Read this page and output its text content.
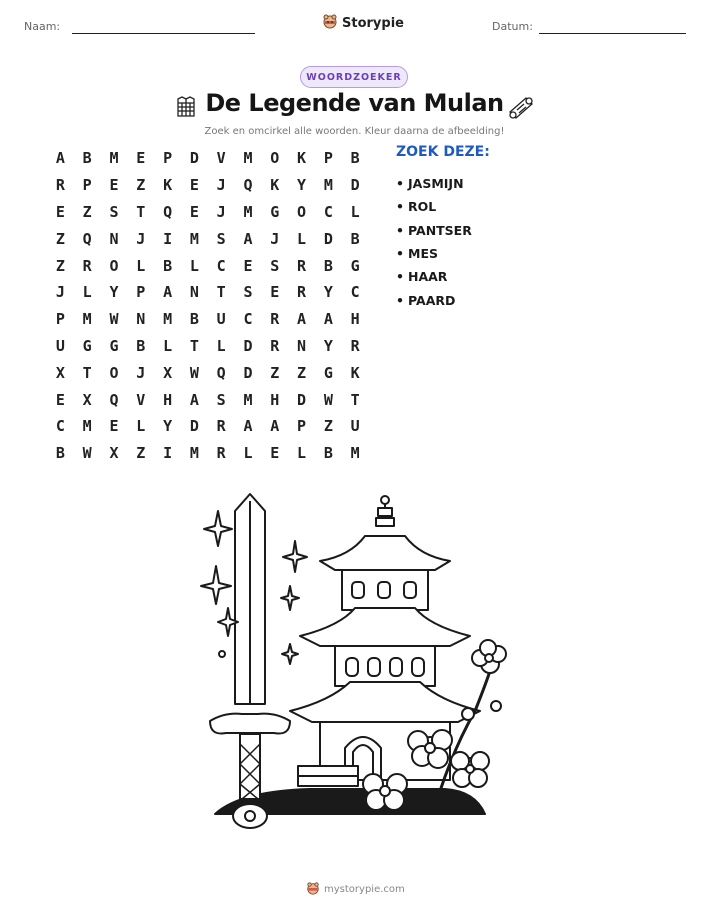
Naam:	Storypie	Datum:
WOORDZOEKER
De Legende van Mulan
Zoek en omcirkel alle woorden. Kleur daarna de afbeelding!
A	B	M	E	P	D	V	M	O	K	P	B
R	P	E	Z	K	E	J	Q	K	Y	M	D
E	Z	S	T	Q	E	J	M	G	O	C	L
Z	Q	N	J	I	M	S	A	J	L	D	B
Z	R	O	L	B	L	C	E	S	R	B	G
J	L	Y	P	A	N	T	S	E	R	Y	C
P	M	W	N	M	B	U	C	R	A	A	H
U	G	G	B	L	T	L	D	R	N	Y	R
X	T	O	J	X	W	Q	D	Z	Z	G	K
E	X	Q	V	H	A	S	M	H	D	W	T
C	M	E	L	Y	D	R	A	A	P	Z	U
B	W	X	Z	I	M	R	L	E	L	B	M
ZOEK DEZE:
• JASMIJN
• ROL
• PANTSER
• MES
• HAAR
• PAARD
mystorypie.com
